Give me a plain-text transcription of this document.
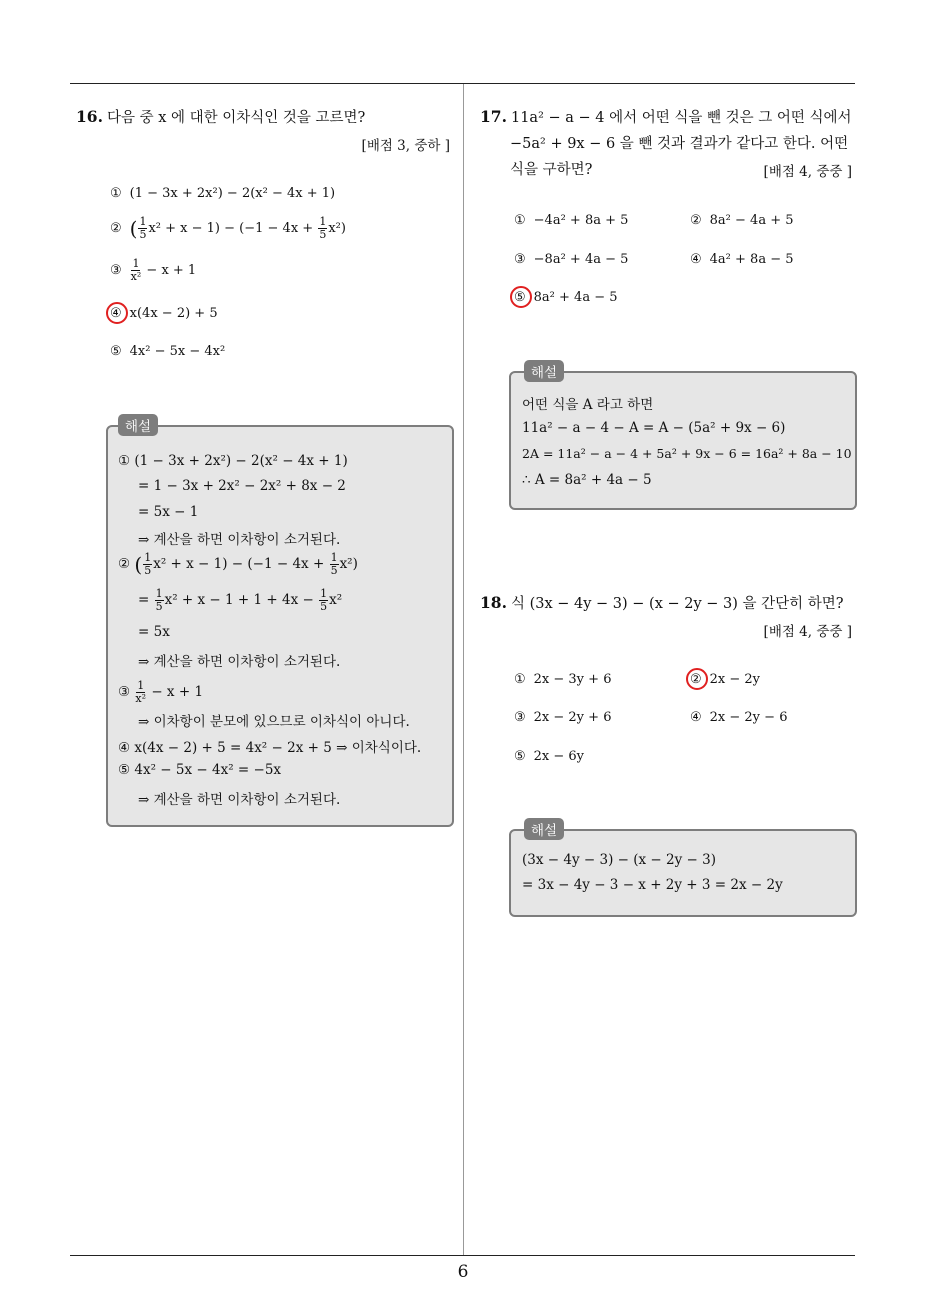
6
16. 다음 중 x 에 대한 이차식인 것을 고르면?
[배점 3, 중하 ]
① (1 − 3x + 2x²) − 2(x² − 4x + 1)
② ( $\frac{1}{5} x^2 + x - 1) - (-1 - 4x + \frac{1}{5} x^2)$
③ $\frac{1}{\text{x²}} - x + 1$
④ x(4x − 2) + 5
⑤ 4x² − 5x − 4x²
해설
① (1 − 3x + 2x²) − 2(x² − 4x + 1)
= 1 − 3x + 2x² − 2x² + 8x − 2
= 5x − 1
⇒ 계산을 하면 이차항이 소거된다.
② ( $\frac{1}{5} x^2 + x - 1) - (-1 - 4x + \frac{1}{5} x^2)$
= $\frac{1}{5} x^2 + x - 1 + 1 + 4x - \frac{1}{5} x^2$
= 5x
⇒ 계산을 하면 이차항이 소거된다.
③ $\frac{1}{\text{x²}} - x + 1$
⇒ 이차항이 분모에 있으므로 이차식이 아니다.
④ x(4x − 2) + 5 = 4x² − 2x + 5 ⇒ 이차식이다.
⑤ 4x² − 5x − 4x² = −5x
⇒ 계산을 하면 이차항이 소거된다.
17. 11a² − a − 4 에서 어떤 식을 뺀 것은 그 어떤 식에서
−5a² + 9x − 6 을 뺀 것과 결과가 같다고 한다. 어떤
식을 구하면?	[배점 4, 중중 ]
① −4a² + 8a + 5	② 8a² − 4a + 5
③ −8a² + 4a − 5	④ 4a² + 8a − 5
⑤ 8a² + 4a − 5
해설
어떤 식을 A 라고 하면
11a² − a − 4 − A = A − (5a² + 9x − 6)
2A = 11a² − a − 4 + 5a² + 9x − 6 = 16a² + 8a − 10
∴ A = 8a² + 4a − 5
18. 식 (3x − 4y − 3) − (x − 2y − 3) 을 간단히 하면?
[배점 4, 중중 ]
① 2x − 3y + 6	② 2x − 2y
③ 2x − 2y + 6	④ 2x − 2y − 6
⑤ 2x − 6y
해설
(3x − 4y − 3) − (x − 2y − 3)
= 3x − 4y − 3 − x + 2y + 3 = 2x − 2y
